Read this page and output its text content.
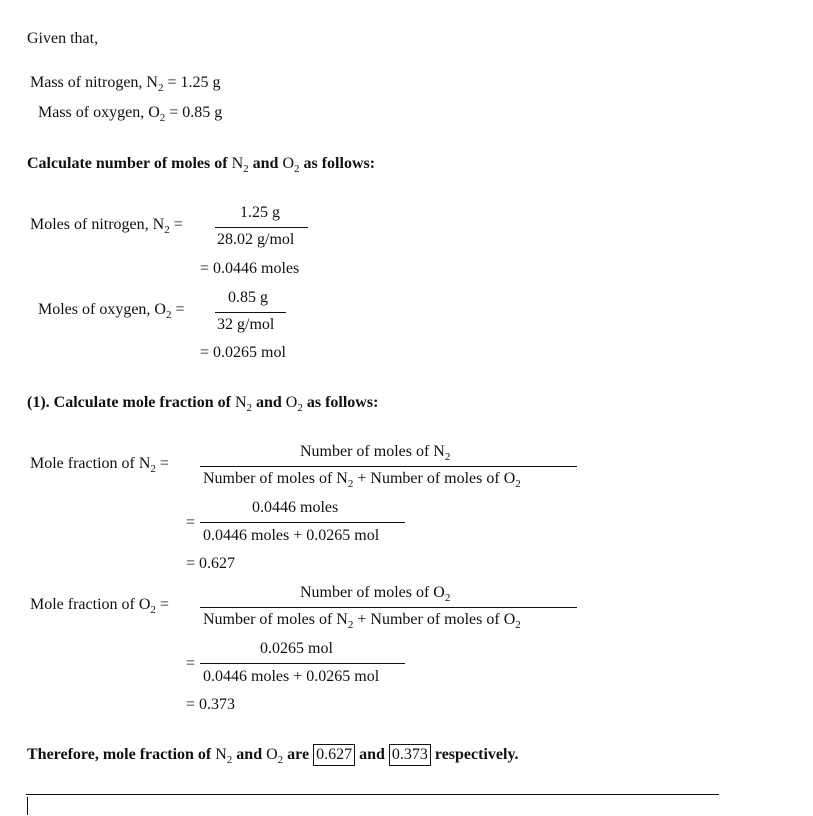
Given that,
Mass of nitrogen, $N_2 = 1.25$ g
Mass of oxygen, $O_2 = 0.85$ g
Calculate number of moles of $N_2$ and $O_2$ as follows:
Moles of nitrogen, $N_2$ =
1.25 g
28.02 g/mol
= 0.0446 moles
Moles of oxygen, $O_2$ =
0.85 g
32 g/mol
= 0.0265 mol
(1). Calculate mole fraction of $N_2$ and $O_2$ as follows:
Mole fraction of $N_2$ =
Number of moles of $N_2$
Number of moles of $N_2$ + Number of moles of $O_2$
=
0.0446 moles
0.0446 moles + 0.0265 mol
= 0.627
Mole fraction of $O_2$ =
Number of moles of $O_2$
Number of moles of $N_2$ + Number of moles of $O_2$
=
0.0265 mol
0.0446 moles + 0.0265 mol
= 0.373
Therefore, mole fraction of $N_2$ and $O_2$ are 0.627 and 0.373 respectively.
